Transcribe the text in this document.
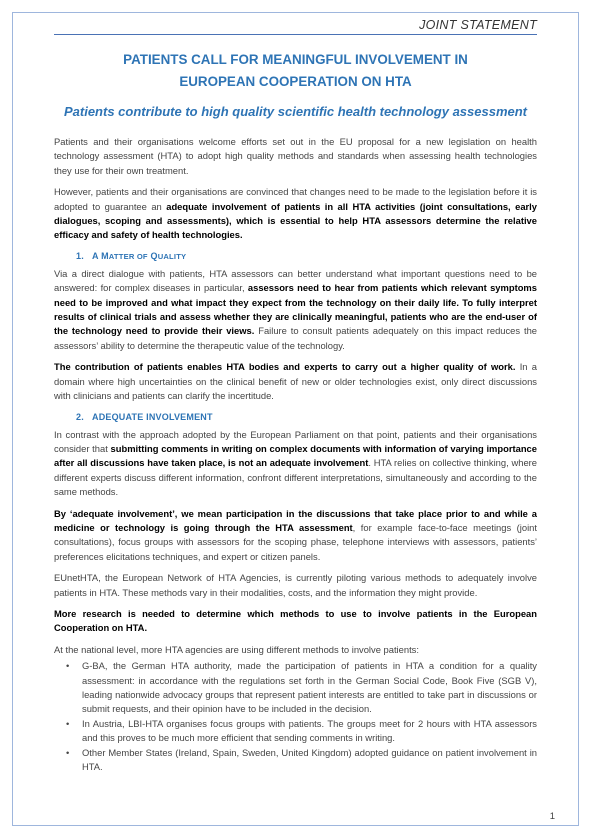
JOINT STATEMENT
PATIENTS CALL FOR MEANINGFUL INVOLVEMENT IN
EUROPEAN COOPERATION ON HTA
Patients contribute to high quality scientific health technology assessment

Patients and their organisations welcome efforts set out in the EU proposal for a new legislation on health technology assessment (HTA) to adopt high quality methods and standards when assessing health technologies they use for their own treatment.

However, patients and their organisations are convinced that changes need to be made to the legislation before it is adopted to guarantee an adequate involvement of patients in all HTA activities (joint consultations, early dialogues, scoping and assessments), which is essential to help HTA assessors determine the relative efficacy and safety of health technologies.

1. A MATTER OF QUALITY

Via a direct dialogue with patients, HTA assessors can better understand what important questions need to be answered: for complex diseases in particular, assessors need to hear from patients which relevant symptoms need to be improved and what impact they expect from the technology on their daily life. To fully interpret results of clinical trials and assess whether they are clinically meaningful, patients who are the end-user of the technology need to provide their views. Failure to consult patients adequately on this impact reduces the assessors’ ability to determine the therapeutic value of the technology.

The contribution of patients enables HTA bodies and experts to carry out a higher quality of work. In a domain where high uncertainties on the clinical benefit of new or older technologies exist, only direct discussions with clinicians and patients can clarify the incertitude.

2. ADEQUATE INVOLVEMENT

In contrast with the approach adopted by the European Parliament on that point, patients and their organisations consider that submitting comments in writing on complex documents with information of varying importance after all discussions have taken place, is not an adequate involvement. HTA relies on collective thinking, where different experts discuss different information, confront different interpretations, simultaneously and according to the same methods.

By ‘adequate involvement’, we mean participation in the discussions that take place prior to and while a medicine or technology is going through the HTA assessment, for example face-to-face meetings (joint consultations), focus groups with assessors for the scoping phase, telephone interviews with assessors, patients’ preferences elicitations techniques, and expert or citizen panels.

EUnetHTA, the European Network of HTA Agencies, is currently piloting various methods to adequately involve patients in HTA. These methods vary in their modalities, costs, and the information they might provide.

More research is needed to determine which methods to use to involve patients in the European Cooperation on HTA.

At the national level, more HTA agencies are using different methods to involve patients:

• G-BA, the German HTA authority, made the participation of patients in HTA a condition for a quality assessment: in accordance with the regulations set forth in the German Social Code, Book Five (SGB V), leading nationwide advocacy groups that represent patient interests are entitled to take part in discussions or submit requests, and their opinion have to be included in the decision.
• In Austria, LBI-HTA organises focus groups with patients. The groups meet for 2 hours with HTA assessors and this proves to be much more efficient that sending comments in writing.
• Other Member States (Ireland, Spain, Sweden, United Kingdom) adopted guidance on patient involvement in HTA.
1
